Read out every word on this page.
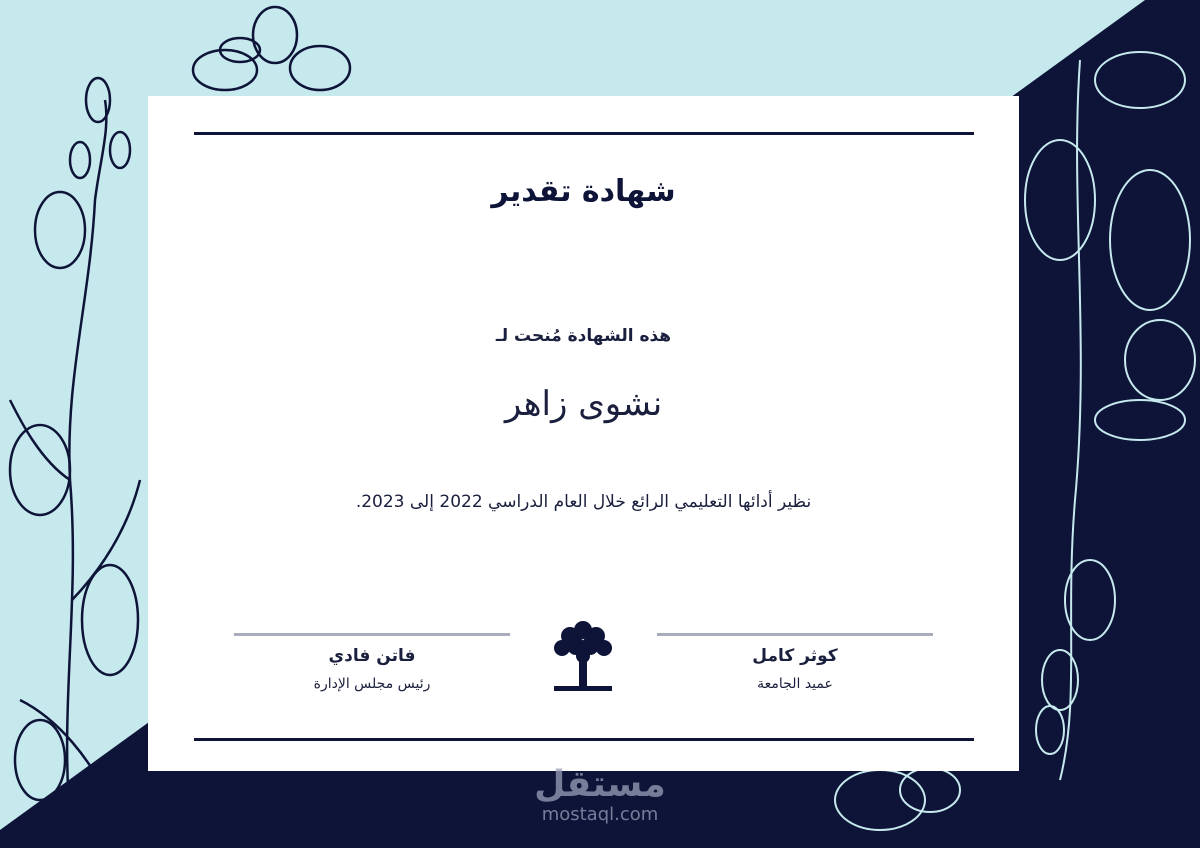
شهادة تقدير
هذه الشهادة مُنحت لـ
نشوى زاهر
نظير أدائها التعليمي الرائع خلال العام الدراسي 2022 إلى 2023.
فاتن فادي
رئيس مجلس الإدارة
كوثر كامل
عميد الجامعة
مستقل
mostaql.com
